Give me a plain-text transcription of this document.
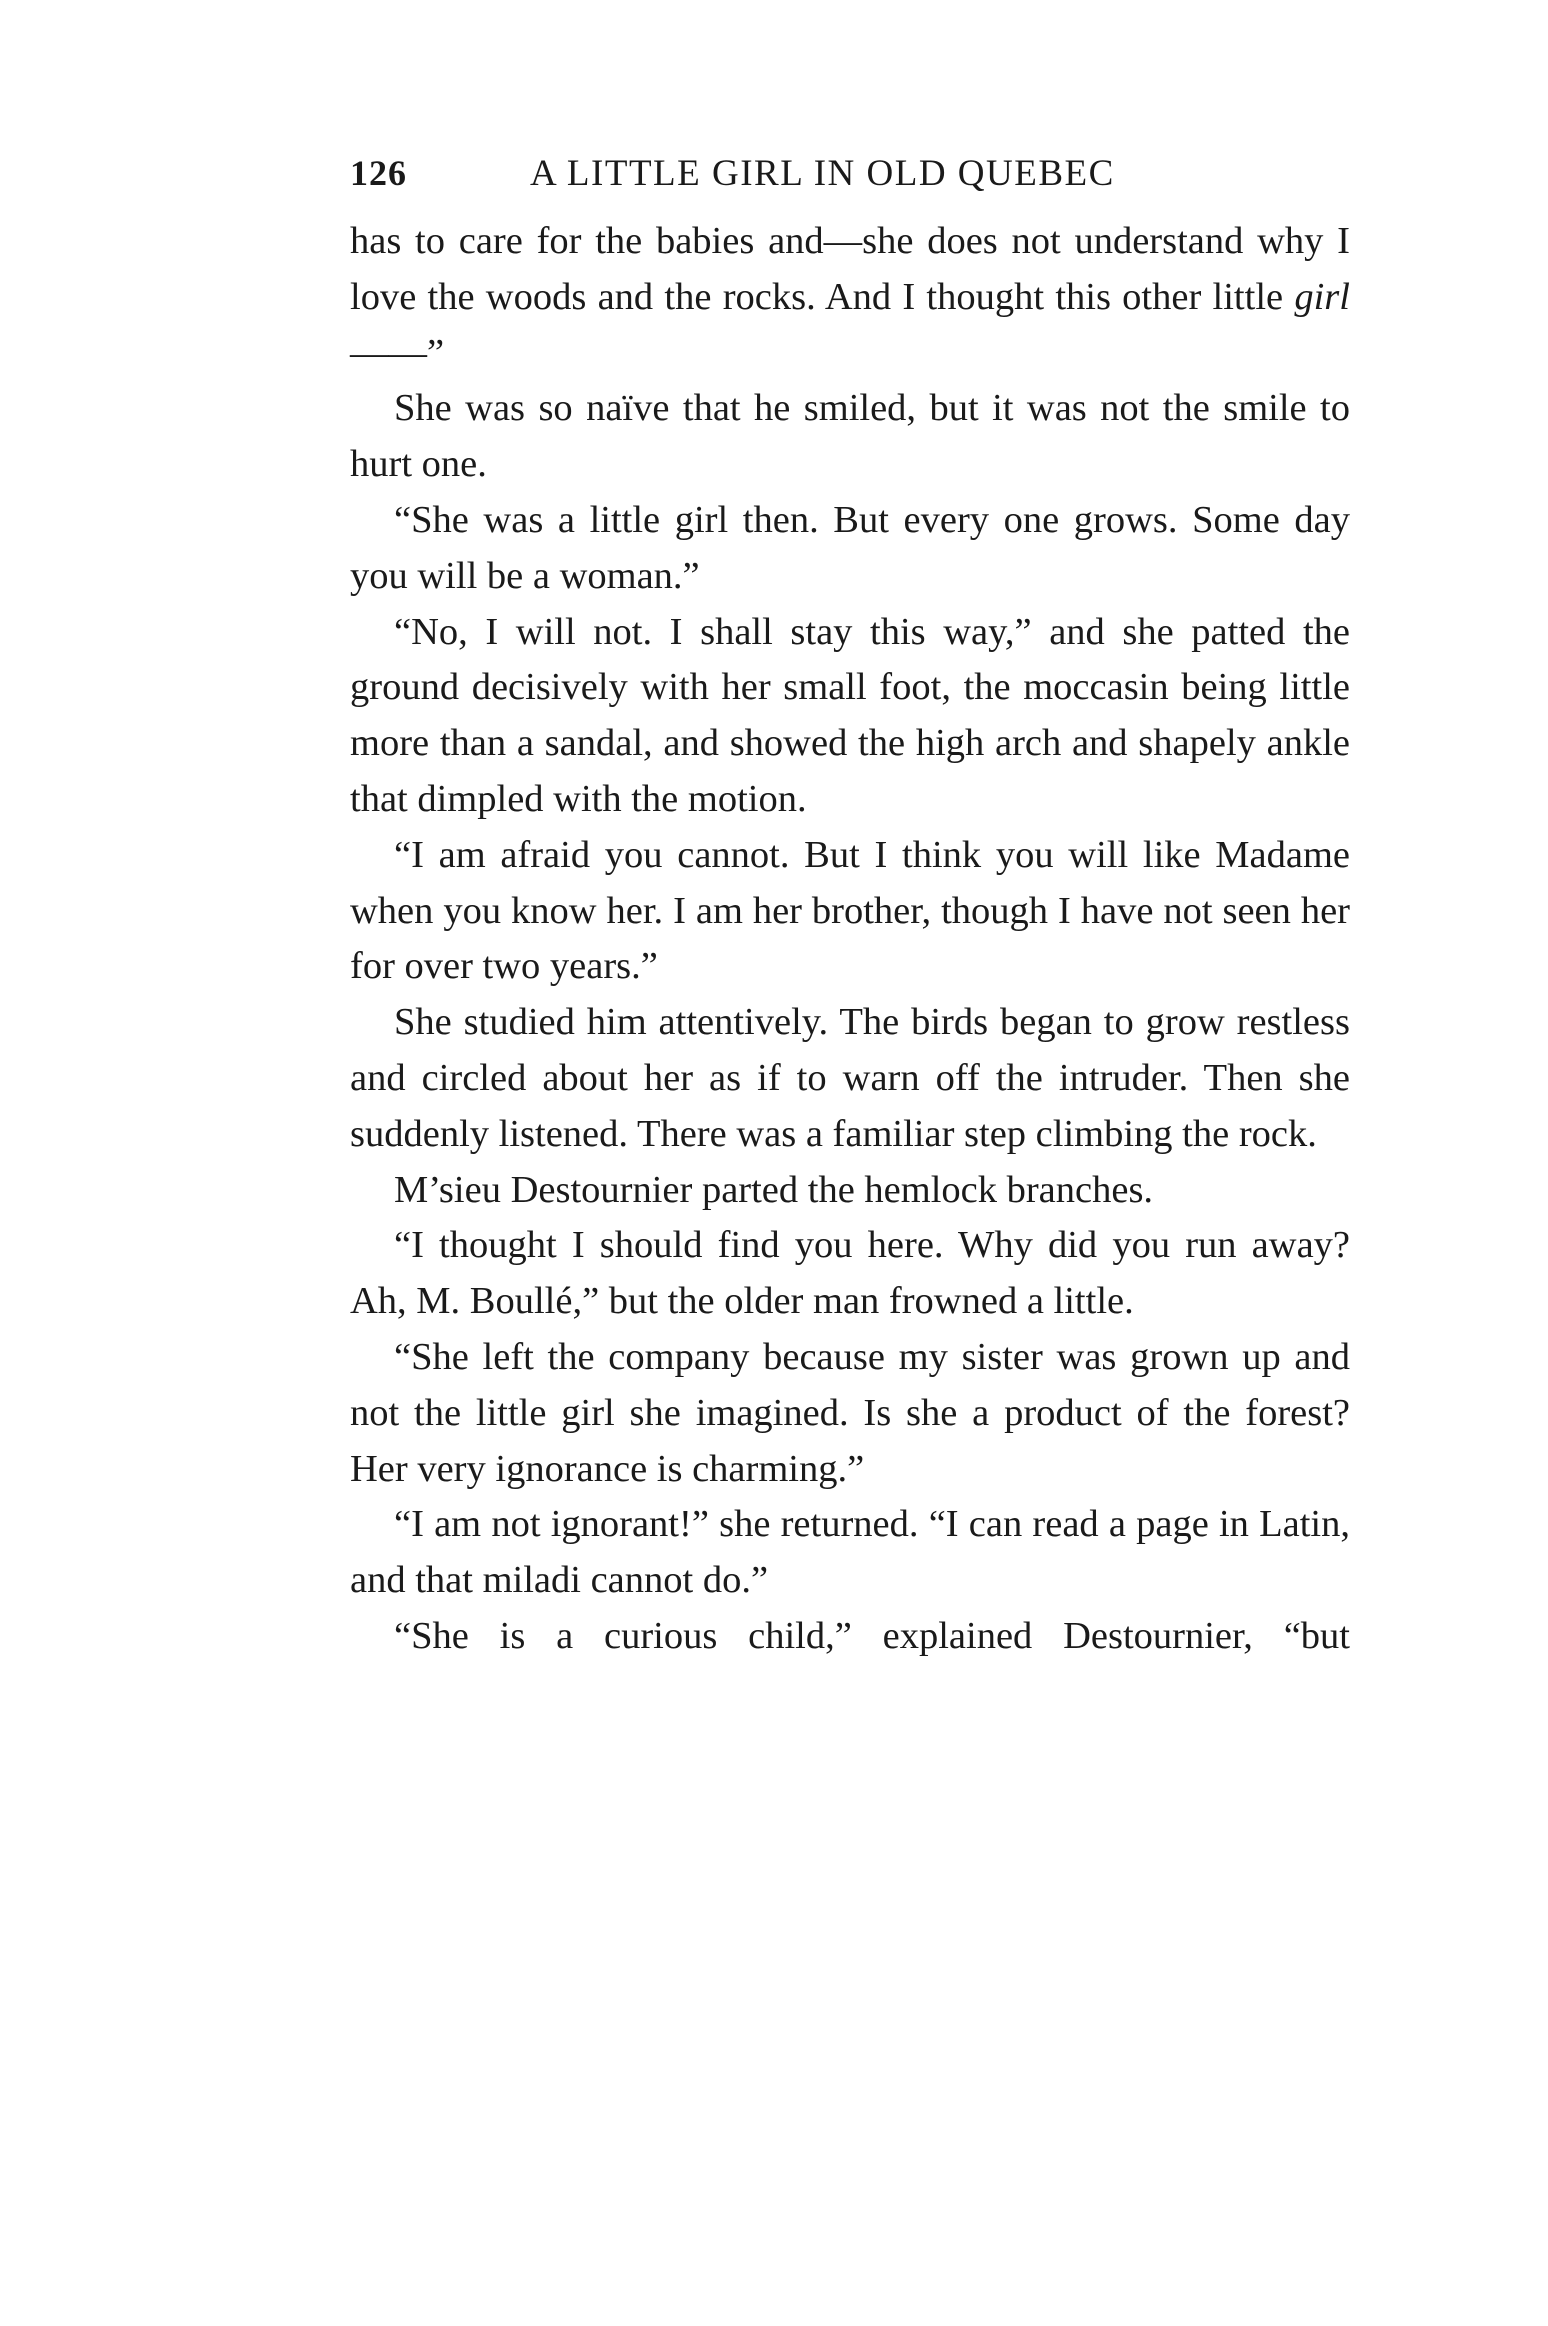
126	A LITTLE GIRL IN OLD QUEBEC

has to care for the babies and—she does not understand why I love the woods and the rocks. And I thought this other little girl——”

She was so naïve that he smiled, but it was not the smile to hurt one.

“She was a little girl then. But every one grows. Some day you will be a woman.”

“No, I will not. I shall stay this way,” and she patted the ground decisively with her small foot, the moccasin being little more than a sandal, and showed the high arch and shapely ankle that dimpled with the motion.

“I am afraid you cannot. But I think you will like Madame when you know her. I am her brother, though I have not seen her for over two years.”

She studied him attentively. The birds began to grow restless and circled about her as if to warn off the intruder. Then she suddenly listened. There was a familiar step climbing the rock.

M’sieu Destournier parted the hemlock branches.

“I thought I should find you here. Why did you run away? Ah, M. Boullé,” but the older man frowned a little.

“She left the company because my sister was grown up and not the little girl she imagined. Is she a product of the forest? Her very ignorance is charming.”

“I am not ignorant!” she returned. “I can read a page in Latin, and that miladi cannot do.”

“She is a curious child,” explained Destournier, “but
